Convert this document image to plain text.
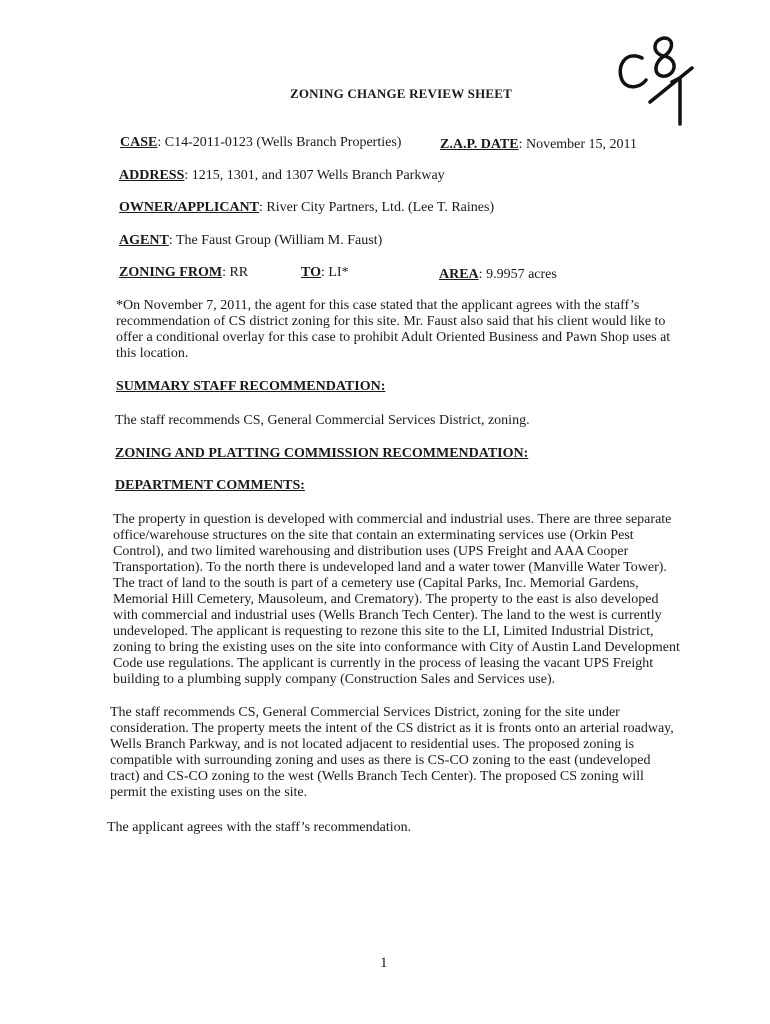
ZONING CHANGE REVIEW SHEET
CASE: C14-2011-0123 (Wells Branch Properties)	Z.A.P. DATE: November 15, 2011
ADDRESS: 1215, 1301, and 1307 Wells Branch Parkway
OWNER/APPLICANT: River City Partners, Ltd. (Lee T. Raines)
AGENT: The Faust Group (William M. Faust)
ZONING FROM: RR	TO: LI*	AREA: 9.9957 acres
*On November 7, 2011, the agent for this case stated that the applicant agrees with the staff’s
recommendation of CS district zoning for this site. Mr. Faust also said that his client would like to
offer a conditional overlay for this case to prohibit Adult Oriented Business and Pawn Shop uses at
this location.
SUMMARY STAFF RECOMMENDATION:
The staff recommends CS, General Commercial Services District, zoning.
ZONING AND PLATTING COMMISSION RECOMMENDATION:
DEPARTMENT COMMENTS:
The property in question is developed with commercial and industrial uses. There are three separate
office/warehouse structures on the site that contain an exterminating services use (Orkin Pest
Control), and two limited warehousing and distribution uses (UPS Freight and AAA Cooper
Transportation). To the north there is undeveloped land and a water tower (Manville Water Tower).
The tract of land to the south is part of a cemetery use (Capital Parks, Inc. Memorial Gardens,
Memorial Hill Cemetery, Mausoleum, and Crematory). The property to the east is also developed
with commercial and industrial uses (Wells Branch Tech Center). The land to the west is currently
undeveloped. The applicant is requesting to rezone this site to the LI, Limited Industrial District,
zoning to bring the existing uses on the site into conformance with City of Austin Land Development
Code use regulations. The applicant is currently in the process of leasing the vacant UPS Freight
building to a plumbing supply company (Construction Sales and Services use).
The staff recommends CS, General Commercial Services District, zoning for the site under
consideration. The property meets the intent of the CS district as it is fronts onto an arterial roadway,
Wells Branch Parkway, and is not located adjacent to residential uses. The proposed zoning is
compatible with surrounding zoning and uses as there is CS-CO zoning to the east (undeveloped
tract) and CS-CO zoning to the west (Wells Branch Tech Center). The proposed CS zoning will
permit the existing uses on the site.
The applicant agrees with the staff’s recommendation.
1
